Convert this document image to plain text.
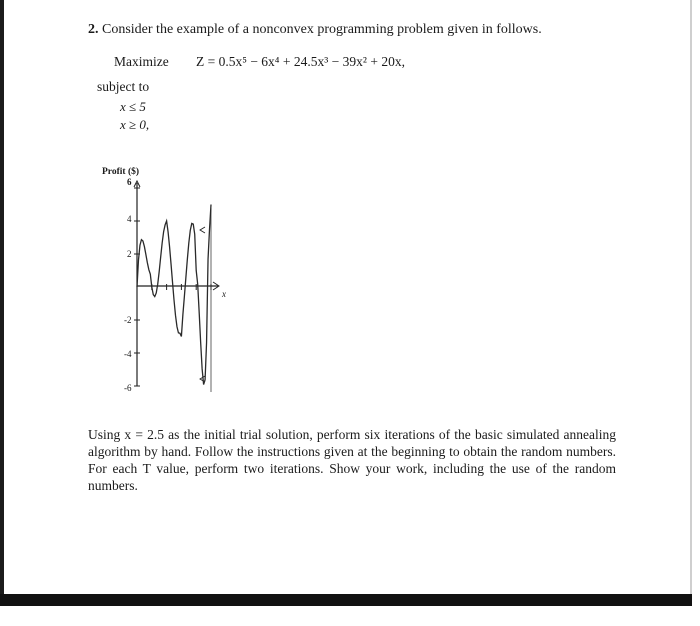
2. Consider the example of a nonconvex programming problem given in follows.
Maximize Z = 0.5x⁵ − 6x⁴ + 24.5x³ − 39x² + 20x,
subject to
x ≤ 5
x ≥ 0,
Profit ($)
6
4
2
-2
-4
-6
x
Using x = 2.5 as the initial trial solution, perform six iterations of the basic simulated annealing algorithm by hand. Follow the instructions given at the beginning to obtain the random numbers. For each T value, perform two iterations. Show your work, including the use of the random numbers.
